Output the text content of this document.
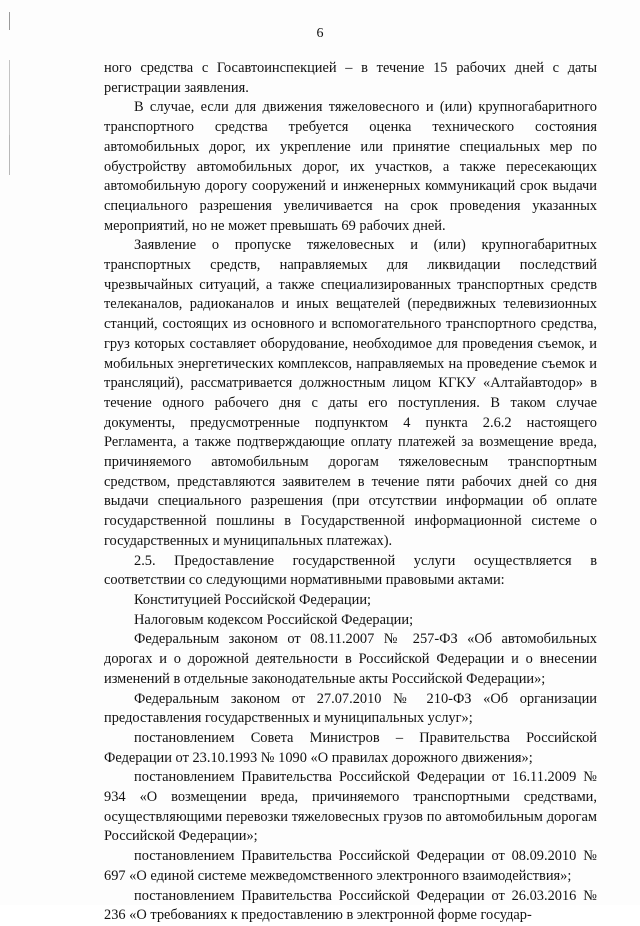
6

ного средства с Госавтоинспекцией – в течение 15 рабочих дней с даты регистрации заявления.

В случае, если для движения тяжеловесного и (или) крупногабаритного транспортного средства требуется оценка технического состояния автомобильных дорог, их укрепление или принятие специальных мер по обустройству автомобильных дорог, их участков, а также пересекающих автомобильную дорогу сооружений и инженерных коммуникаций срок выдачи специального разрешения увеличивается на срок проведения указанных мероприятий, но не может превышать 69 рабочих дней.

Заявление о пропуске тяжеловесных и (или) крупногабаритных транспортных средств, направляемых для ликвидации последствий чрезвычайных ситуаций, а также специализированных транспортных средств телеканалов, радиоканалов и иных вещателей (передвижных телевизионных станций, состоящих из основного и вспомогательного транспортного средства, груз которых составляет оборудование, необходимое для проведения съемок, и мобильных энергетических комплексов, направляемых на проведение съемок и трансляций), рассматривается должностным лицом КГКУ «Алтайавтодор» в течение одного рабочего дня с даты его поступления. В таком случае документы, предусмотренные подпунктом 4 пункта 2.6.2 настоящего Регламента, а также подтверждающие оплату платежей за возмещение вреда, причиняемого автомобильным дорогам тяжеловесным транспортным средством, представляются заявителем в течение пяти рабочих дней со дня выдачи специального разрешения (при отсутствии информации об оплате государственной пошлины в Государственной информационной системе о государственных и муниципальных платежах).

2.5. Предоставление государственной услуги осуществляется в соответствии со следующими нормативными правовыми актами:

Конституцией Российской Федерации;

Налоговым кодексом Российской Федерации;

Федеральным законом от 08.11.2007 № 257-ФЗ «Об автомобильных дорогах и о дорожной деятельности в Российской Федерации и о внесении изменений в отдельные законодательные акты Российской Федерации»;

Федеральным законом от 27.07.2010 № 210-ФЗ «Об организации предоставления государственных и муниципальных услуг»;

постановлением Совета Министров – Правительства Российской Федерации от 23.10.1993 № 1090 «О правилах дорожного движения»;

постановлением Правительства Российской Федерации от 16.11.2009 № 934 «О возмещении вреда, причиняемого транспортными средствами, осуществляющими перевозки тяжеловесных грузов по автомобильным дорогам Российской Федерации»;

постановлением Правительства Российской Федерации от 08.09.2010 № 697 «О единой системе межведомственного электронного взаимодействия»;

постановлением Правительства Российской Федерации от 26.03.2016 № 236 «О требованиях к предоставлению в электронной форме государ-
